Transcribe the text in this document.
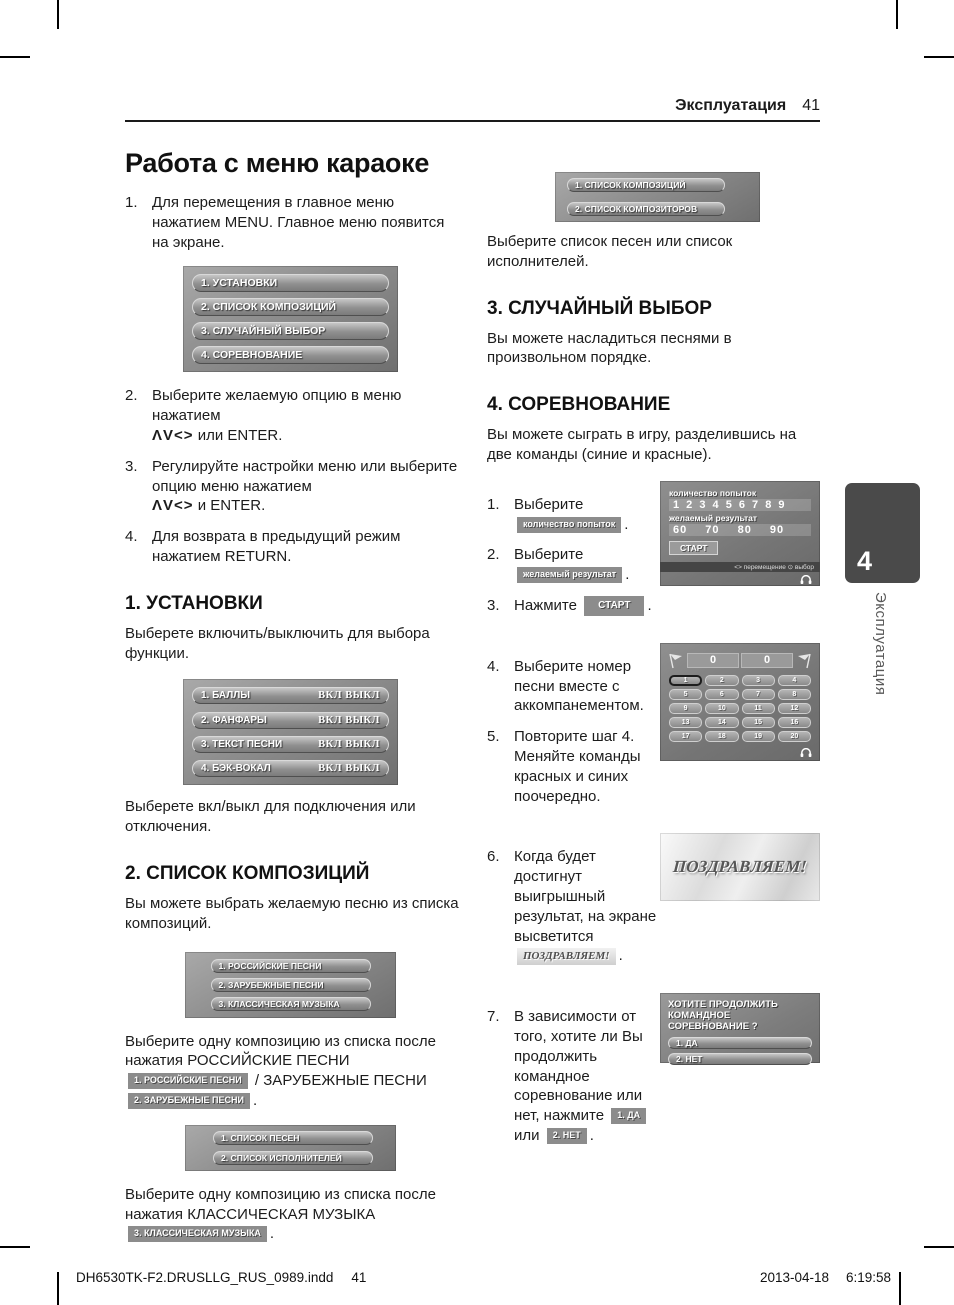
Эксплуатация 41
Работа с меню караоке
1. Для перемещения в главное меню нажатием MENU. Главное меню появится на экране.
1. УСТАНОВКИ
2. СПИСОК КОМПОЗИЦИЙ
3. СЛУЧАЙНЫЙ ВЫБОР
4. СОРЕВНОВАНИЕ
2. Выберите желаемую опцию в меню нажатием
ΛV<> или ENTER.
3. Регулируйте настройки меню или выберите опцию меню нажатием
ΛV<> и ENTER.
4. Для возврата в предыдущий режим нажатием RETURN.
1. УСТАНОВКИ

Выберете включить/выключить для выбора функции.

1. БАЛЛЫ	ВКЛ ВЫКЛ
2. ФАНФАРЫ	ВКЛ ВЫКЛ
3. ТЕКСТ ПЕСНИ	ВКЛ ВЫКЛ
4. БЭК-ВОКАЛ	ВКЛ ВЫКЛ

Выберете вкл/выкл для подключения или отключения.

2. СПИСОК КОМПОЗИЦИЙ

Вы можете выбрать желаемую песню из списка композиций.

1. РОССИЙСКИЕ ПЕСНИ
2. ЗАРУБЕЖНЫЕ ПЕСНИ
3. КЛАССИЧЕСКАЯ МУЗЫКА

Выберите одну композицию из списка после нажатия РОССИЙСКИЕ ПЕСНИ 1. РОССИЙСКИЕ ПЕСНИ / ЗАРУБЕЖНЫЕ ПЕСНИ 2. ЗАРУБЕЖНЫЕ ПЕСНИ .

1. СПИСОК ПЕСЕН
2. СПИСОК ИСПОЛНИТЕЛЕЙ

Выберите одну композицию из списка после нажатия КЛАССИЧЕСКАЯ МУЗЫКА
3. КЛАССИЧЕСКАЯ МУЗЫКА .

1. СПИСОК КОМПОЗИЦИЙ
2. СПИСОК КОМПОЗИТОРОВ

Выберите список песен или список исполнителей.

3. СЛУЧАЙНЫЙ ВЫБОР

Вы можете насладиться песнями в произвольном порядке.

4. СОРЕВНОВАНИЕ

Вы можете сыграть в игру, разделившись на две команды (синие и красные).

1. Выберите
количество попыток .
2. Выберите
желаемый результат .
3. Нажмите СТАРТ .
количество попыток
1 2 3 4 5 6 7 8 9
желаемый результат
60 70 80 90
СТАРТ
<> перемещение ⊙ выбор
4. Выберите номер песни вместе с аккомпанементом.
5. Повторите шаг 4. Меняйте команды красных и синих поочередно.
0	0
1	2	3	4
5	6	7	8
9	10	11	12
13	14	15	16
17	18	19	20
6. Когда будет достигнут выигрышный результат, на экране высветится
ПОЗДРАВЛЯЕМ! .
ПОЗДРАВЛЯЕМ!
7. В зависимости от того, хотите ли Вы продолжить командное соревнование или нет, нажмите 1. ДА
или 2. НЕТ .
ХОТИТЕ ПРОДОЛЖИТЬ
КОМАНДНОЕ СОРЕВНОВАНИЕ ?
1. ДА
2. НЕТ
4
Эксплуатация
DH6530TK-F2.DRUSLLG_RUS_0989.indd 41	2013-04-18 6:19:58
